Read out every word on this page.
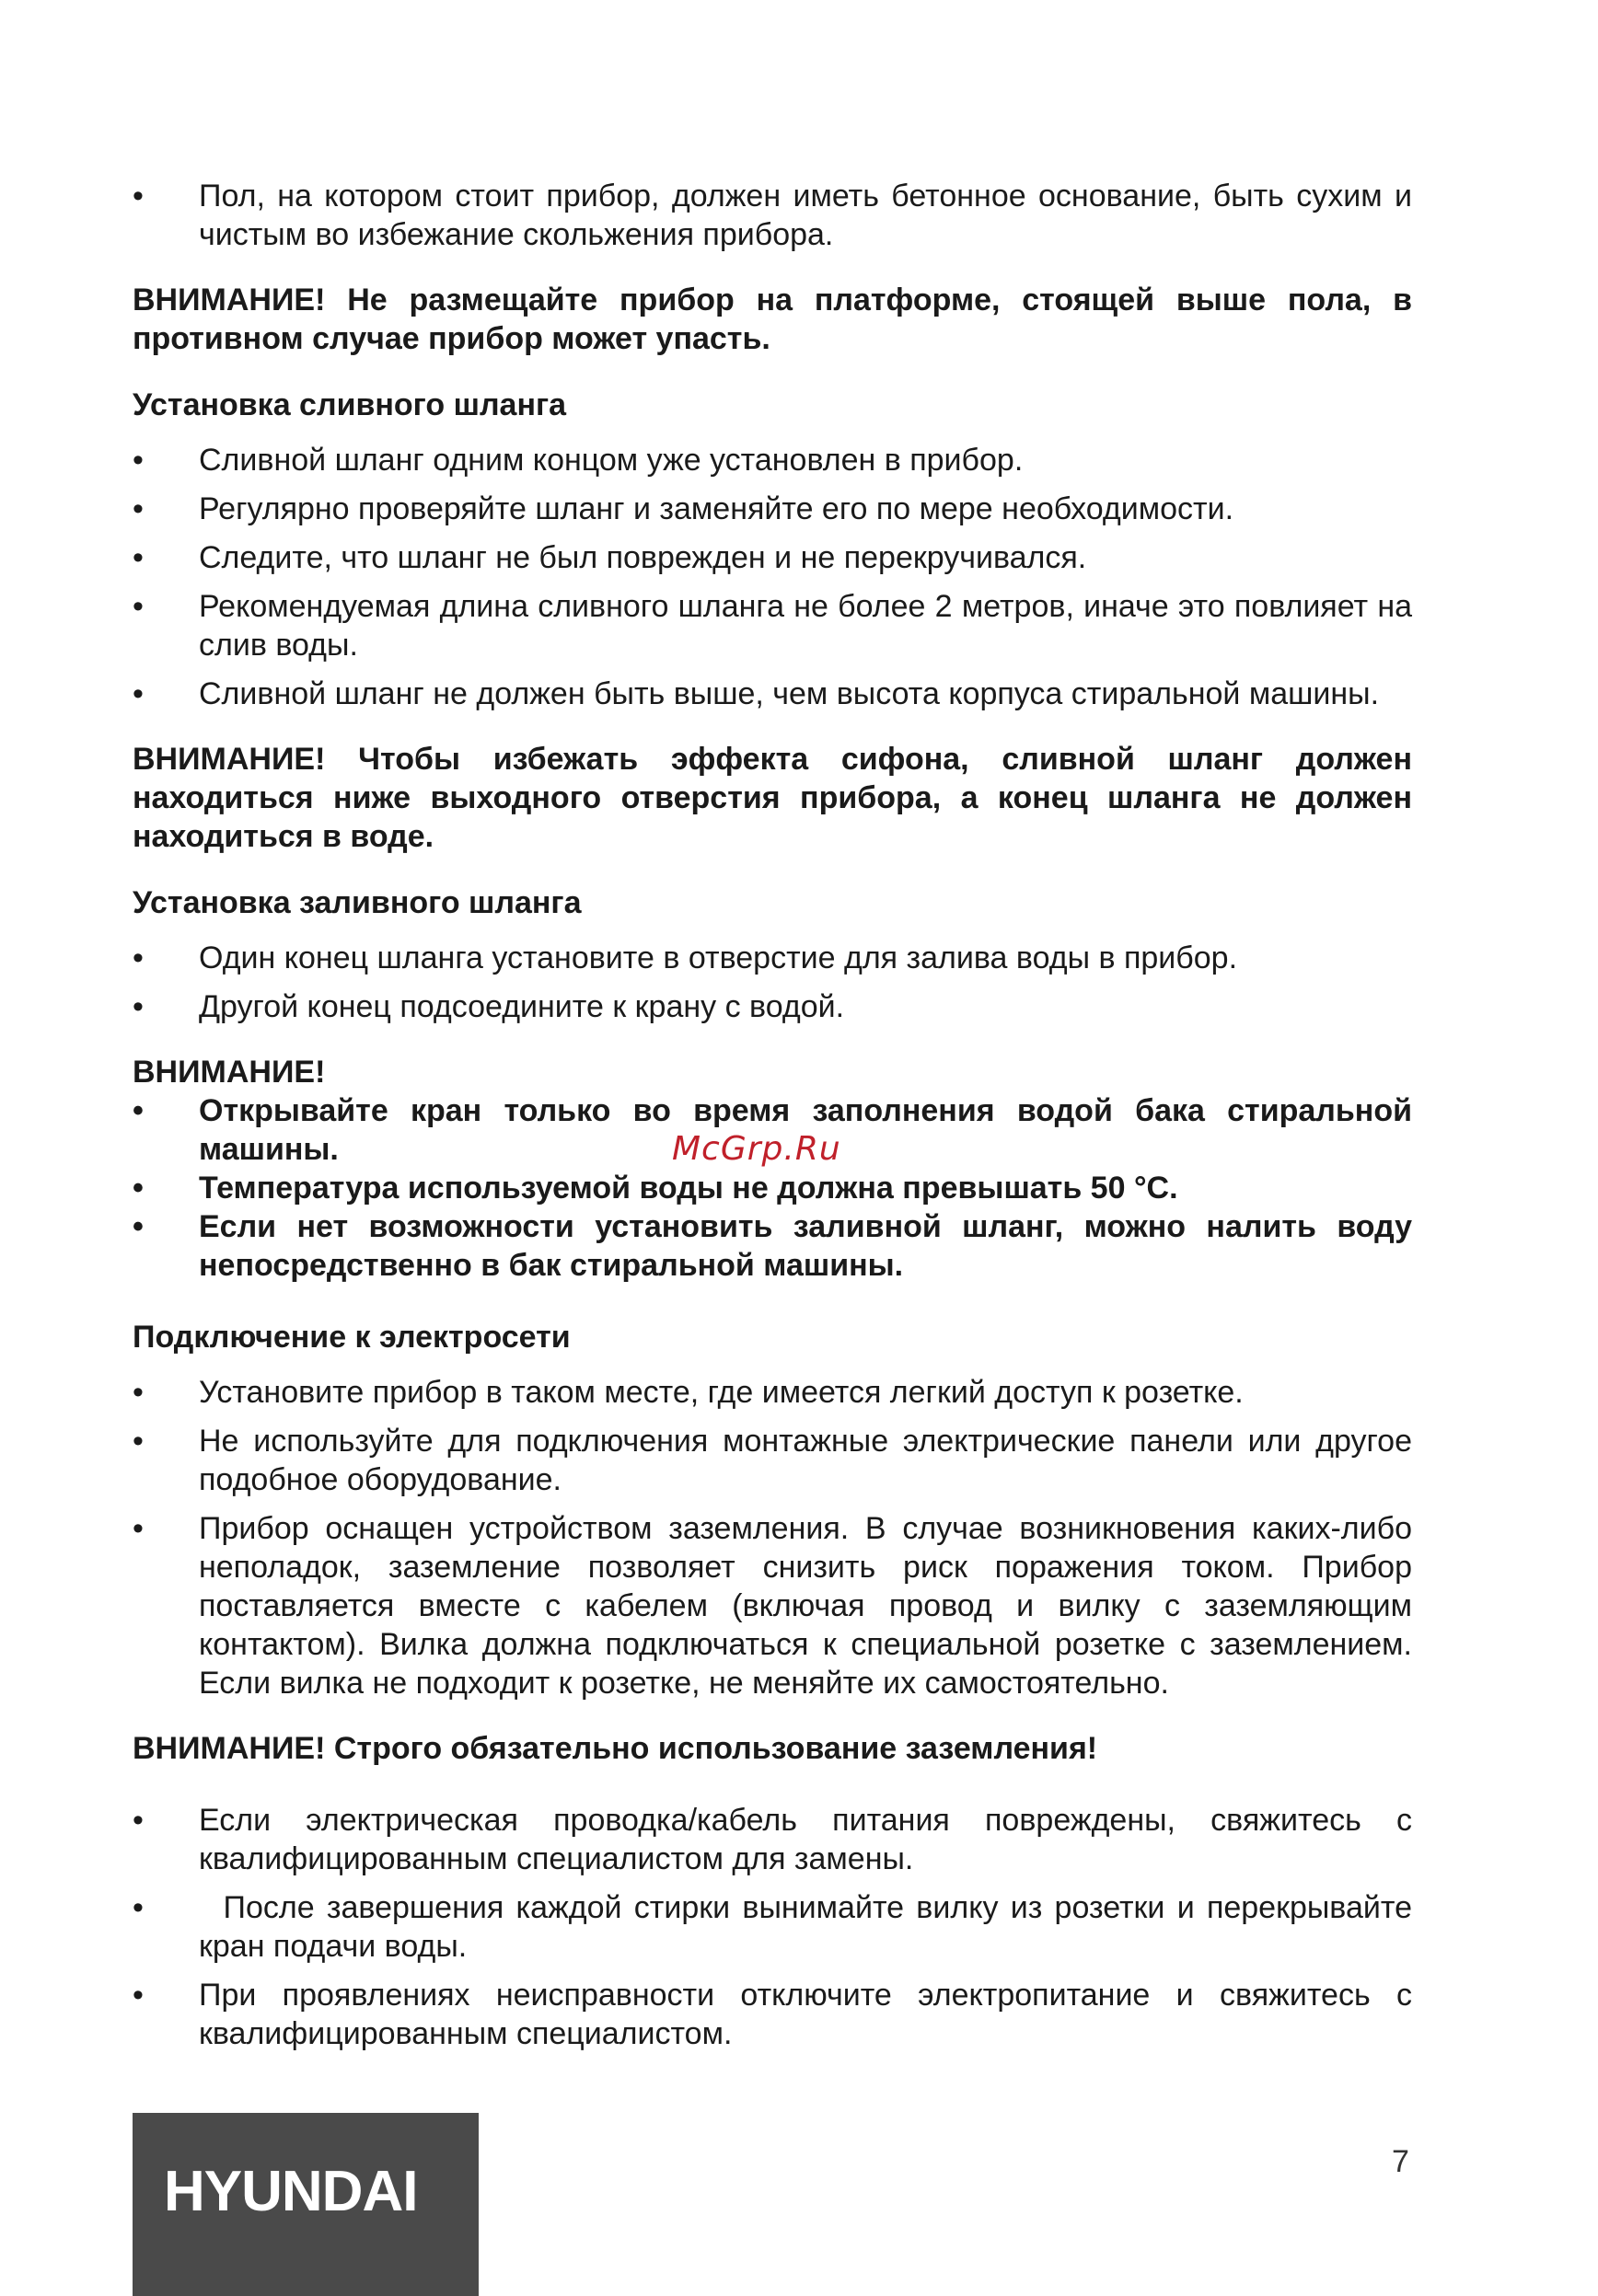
• Пол, на котором стоит прибор, должен иметь бетонное основание, быть сухим и чистым во избежание скольжения прибора.

ВНИМАНИЕ! Не размещайте прибор на платформе, стоящей выше пола, в противном случае прибор может упасть.

Установка сливного шланга

• Сливной шланг одним концом уже установлен в прибор.
• Регулярно проверяйте шланг и заменяйте его по мере необходимости.
• Следите, что шланг не был поврежден и не перекручивался.
• Рекомендуемая длина сливного шланга не более 2 метров, иначе это повлияет на слив воды.
• Сливной шланг не должен быть выше, чем высота корпуса стиральной машины.

ВНИМАНИЕ! Чтобы избежать эффекта сифона, сливной шланг должен находиться ниже выходного отверстия прибора, а конец шланга не должен находиться в воде.

Установка заливного шланга

• Один конец шланга установите в отверстие для залива воды в прибор.
• Другой конец подсоедините к крану с водой.

ВНИМАНИЕ!

• Открывайте кран только во время заполнения водой бака стиральной машины.
• Температура используемой воды не должна превышать 50 °С.
• Если нет возможности установить заливной шланг, можно налить воду непосредственно в бак стиральной машины.

Подключение к электросети

• Установите прибор в таком месте, где имеется легкий доступ к розетке.
• Не используйте для подключения монтажные электрические панели или другое подобное оборудование.
• Прибор оснащен устройством заземления. В случае возникновения каких-либо неполадок, заземление позволяет снизить риск поражения током. Прибор поставляется вместе с кабелем (включая провод и вилку с заземляющим контактом). Вилка должна подключаться к специальной розетке с заземлением. Если вилка не подходит к розетке, не меняйте их самостоятельно.

ВНИМАНИЕ! Строго обязательно использование заземления!

• Если электрическая проводка/кабель питания повреждены, свяжитесь с квалифицированным специалистом для замены.
•   После завершения каждой стирки вынимайте вилку из розетки и перекрывайте кран подачи воды.
• При проявлениях неисправности отключите электропитание и свяжитесь с квалифицированным специалистом.
McGrp.Ru
HYUNDAI	7
